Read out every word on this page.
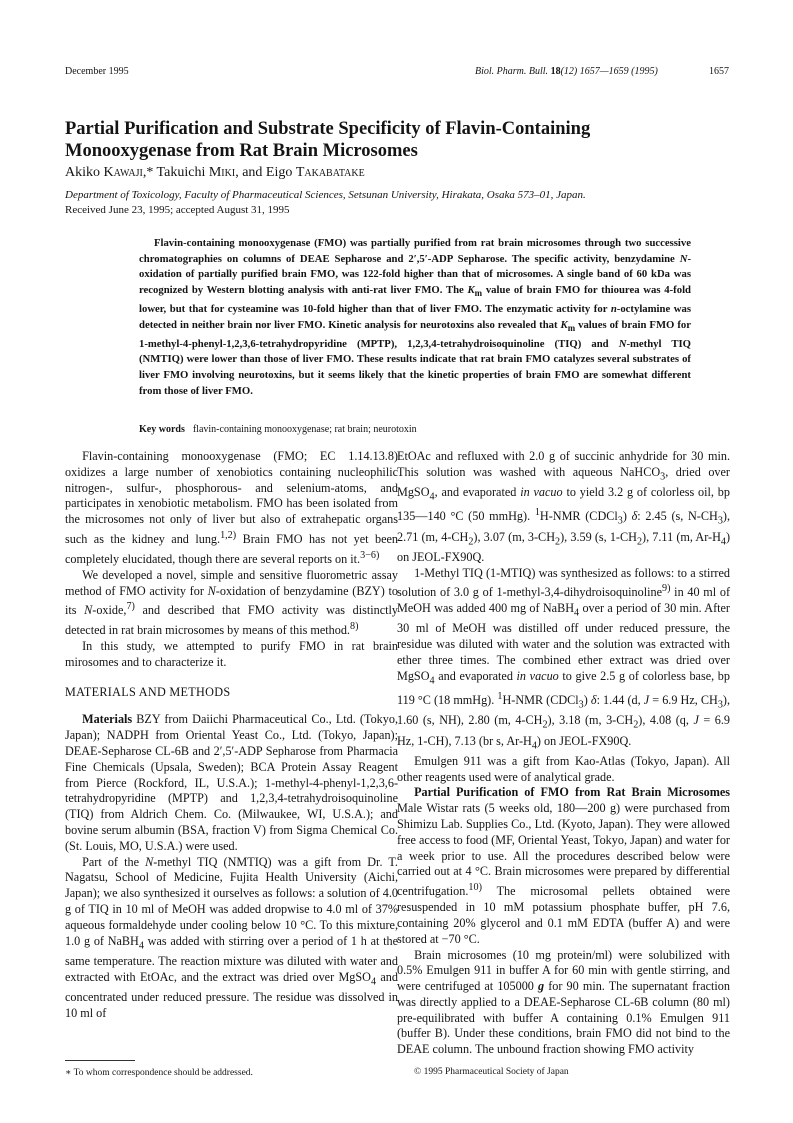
December 1995	Biol. Pharm. Bull. 18(12) 1657—1659 (1995)	1657
Partial Purification and Substrate Specificity of Flavin-Containing Monooxygenase from Rat Brain Microsomes
Akiko Kawaji,* Takuichi Miki, and Eigo Takabatake
Department of Toxicology, Faculty of Pharmaceutical Sciences, Setsunan University, Hirakata, Osaka 573–01, Japan.
Received June 23, 1995; accepted August 31, 1995

Flavin-containing monooxygenase (FMO) was partially purified from rat brain microsomes through two successive chromatographies on columns of DEAE Sepharose and 2′,5′-ADP Sepharose. The specific activity, benzydamine N-oxidation of partially purified brain FMO, was 122-fold higher than that of microsomes. A single band of 60 kDa was recognized by Western blotting analysis with anti-rat liver FMO. The $K_m$ value of brain FMO for thiourea was 4-fold lower, but that for cysteamine was 10-fold higher than that of liver FMO. The enzymatic activity for n-octylamine was detected in neither brain nor liver FMO. Kinetic analysis for neurotoxins also revealed that $K_m$ values of brain FMO for 1-methyl-4-phenyl-1,2,3,6-tetrahydropyridine (MPTP), 1,2,3,4-tetrahydroisoquinoline (TIQ) and N-methyl TIQ (NMTIQ) were lower than those of liver FMO. These results indicate that rat brain FMO catalyzes several substrates of liver FMO involving neurotoxins, but it seems likely that the kinetic properties of brain FMO are somewhat different from those of liver FMO.

Key words flavin-containing monooxygenase; rat brain; neurotoxin

Flavin-containing monooxygenase (FMO; EC 1.14.13.8) oxidizes a large number of xenobiotics containing nucleophilic nitrogen-, sulfur-, phosphorous- and selenium-atoms, and participates in xenobiotic metabolism. FMO has been isolated from the microsomes not only of liver but also of extrahepatic organs such as the kidney and lung.$^{1,2)}$ Brain FMO has not yet been completely elucidated, though there are several reports on it.$^{3-6)}$

We developed a novel, simple and sensitive fluorometric assay method of FMO activity for N-oxidation of benzydamine (BZY) to its N-oxide,$^{7)}$ and described that FMO activity was distinctly detected in rat brain microsomes by means of this method.$^{8)}$

In this study, we attempted to purify FMO in rat brain mirosomes and to characterize it.

MATERIALS AND METHODS

Materials BZY from Daiichi Pharmaceutical Co., Ltd. (Tokyo, Japan); NADPH from Oriental Yeast Co., Ltd. (Tokyo, Japan); DEAE-Sepharose CL-6B and 2′,5′-ADP Sepharose from Pharmacia Fine Chemicals (Upsala, Sweden); BCA Protein Assay Reagent from Pierce (Rockford, IL, U.S.A.); 1-methyl-4-phenyl-1,2,3,6-tetrahydropyridine (MPTP) and 1,2,3,4-tetrahydroisoquinoline (TIQ) from Aldrich Chem. Co. (Milwaukee, WI, U.S.A.); and bovine serum albumin (BSA, fraction V) from Sigma Chemical Co. (St. Louis, MO, U.S.A.) were used.

Part of the N-methyl TIQ (NMTIQ) was a gift from Dr. T. Nagatsu, School of Medicine, Fujita Health University (Aichi, Japan); we also synthesized it ourselves as follows: a solution of 4.0 g of TIQ in 10 ml of MeOH was added dropwise to 4.0 ml of 37% aqueous formaldehyde under cooling below 10 °C. To this mixture, 1.0 g of NaBH$_4$ was added with stirring over a period of 1 h at the same temperature. The reaction mixture was diluted with water and extracted with EtOAc, and the extract was dried over MgSO$_4$ and concentrated under reduced pressure. The residue was dissolved in 10 ml of

EtOAc and refluxed with 2.0 g of succinic anhydride for 30 min. This solution was washed with aqueous NaHCO$_3$, dried over MgSO$_4$, and evaporated in vacuo to yield 3.2 g of colorless oil, bp 135—140 °C (50 mmHg). $^1$H-NMR (CDCl$_3$) δ: 2.45 (s, $N-CH_3$), 2.71 (m, $4-CH_2$), 3.07 (m, $3-CH_2$), 3.59 (s, $1-CH_2$), 7.11 (m, $Ar-H_4$) on JEOL-FX90Q.

1-Methyl TIQ (1-MTIQ) was synthesized as follows: to a stirred solution of 3.0 g of 1-methyl-3,4-dihydroisoquinoline$^{9)}$ in 40 ml of MeOH was added 400 mg of NaBH$_4$ over a period of 30 min. After 30 ml of MeOH was distilled off under reduced pressure, the residue was diluted with water and the solution was extracted with ether three times. The combined ether extract was dried over MgSO$_4$ and evaporated in vacuo to give 2.5 g of colorless base, bp 119 °C (18 mmHg). $^1$H-NMR (CDCl$_3$) δ: 1.44 (d, J = 6.9 Hz, $CH_3$), 1.60 (s, NH), 2.80 (m, $4-CH_2$), 3.18 (m, $3-CH_2$), 4.08 (q, J = 6.9 Hz, 1-CH), 7.13 (br s, $Ar-H_4$) on JEOL-FX90Q.

Emulgen 911 was a gift from Kao-Atlas (Tokyo, Japan). All other reagents used were of analytical grade.

Partial Purification of FMO from Rat Brain Microsomes Male Wistar rats (5 weeks old, 180—200 g) were purchased from Shimizu Lab. Supplies Co., Ltd. (Kyoto, Japan). They were allowed free access to food (MF, Oriental Yeast, Tokyo, Japan) and water for a week prior to use. All the procedures described below were carried out at 4 °C. Brain microsomes were prepared by differential centrifugation.$^{10)}$ The microsomal pellets obtained were resuspended in 10 mM potassium phosphate buffer, pH 7.6, containing 20% glycerol and 0.1 mM EDTA (buffer A) and were stored at −70 °C.

Brain microsomes (10 mg protein/ml) were solubilized with 0.5% Emulgen 911 in buffer A for 60 min with gentle stirring, and were centrifuged at 105000 g for 90 min. The supernatant fraction was directly applied to a DEAE-Sepharose CL-6B column (80 ml) pre-equilibrated with buffer A containing 0.1% Emulgen 911 (buffer B). Under these conditions, brain FMO did not bind to the DEAE column. The unbound fraction showing FMO activity

∗ To whom correspondence should be addressed.	© 1995 Pharmaceutical Society of Japan
